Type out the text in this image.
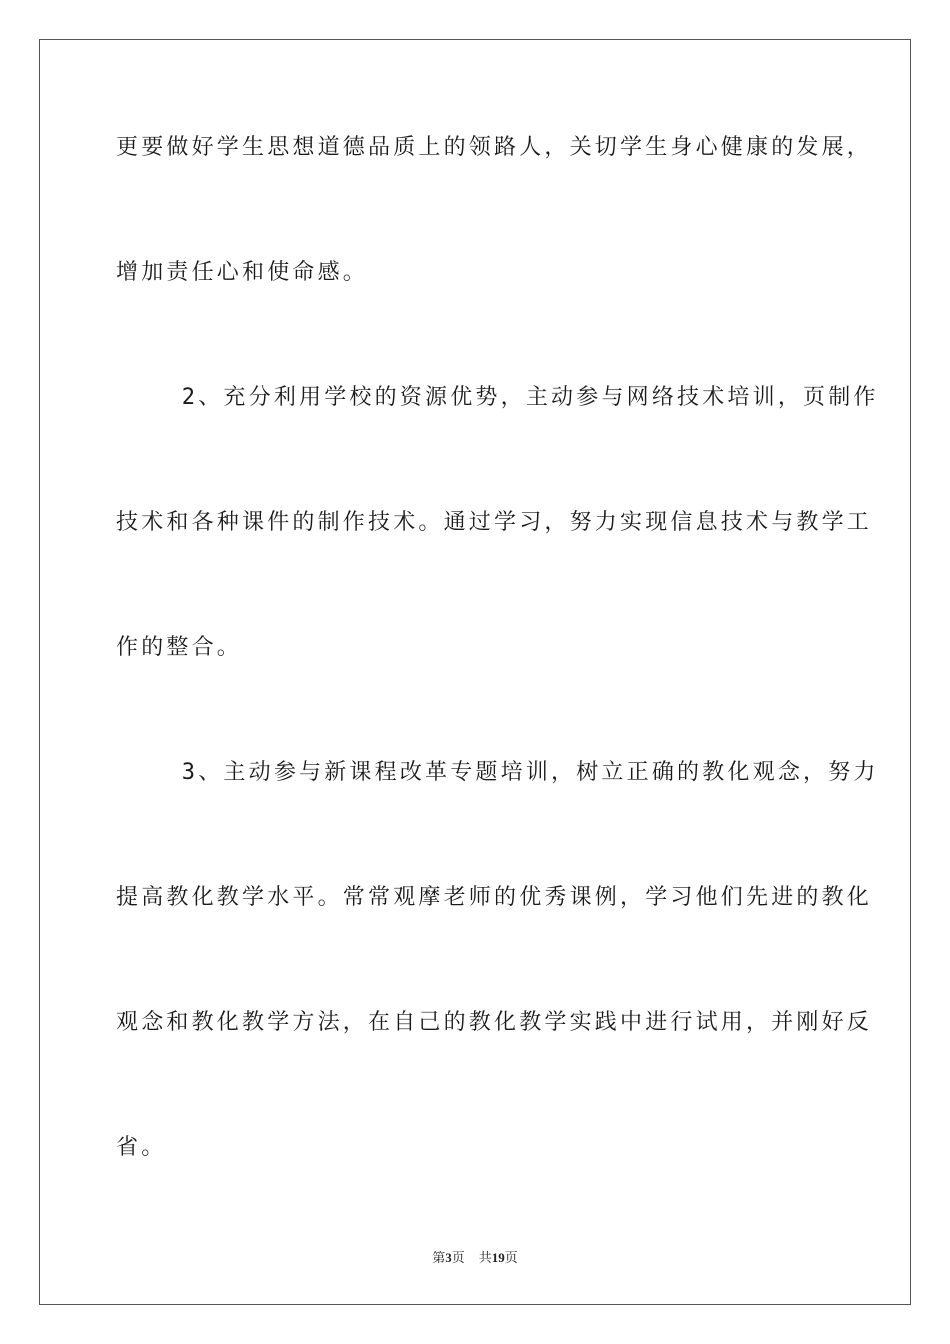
更要做好学生思想道德品质上的领路人，关切学生身心健康的发展，
增加责任心和使命感。
2、充分利用学校的资源优势，主动参与网络技术培训，页制作
技术和各种课件的制作技术。通过学习，努力实现信息技术与教学工
作的整合。
3、主动参与新课程改革专题培训，树立正确的教化观念，努力
提高教化教学水平。常常观摩老师的优秀课例，学习他们先进的教化
观念和教化教学方法，在自己的教化教学实践中进行试用，并刚好反
省。
第3页 共19页
